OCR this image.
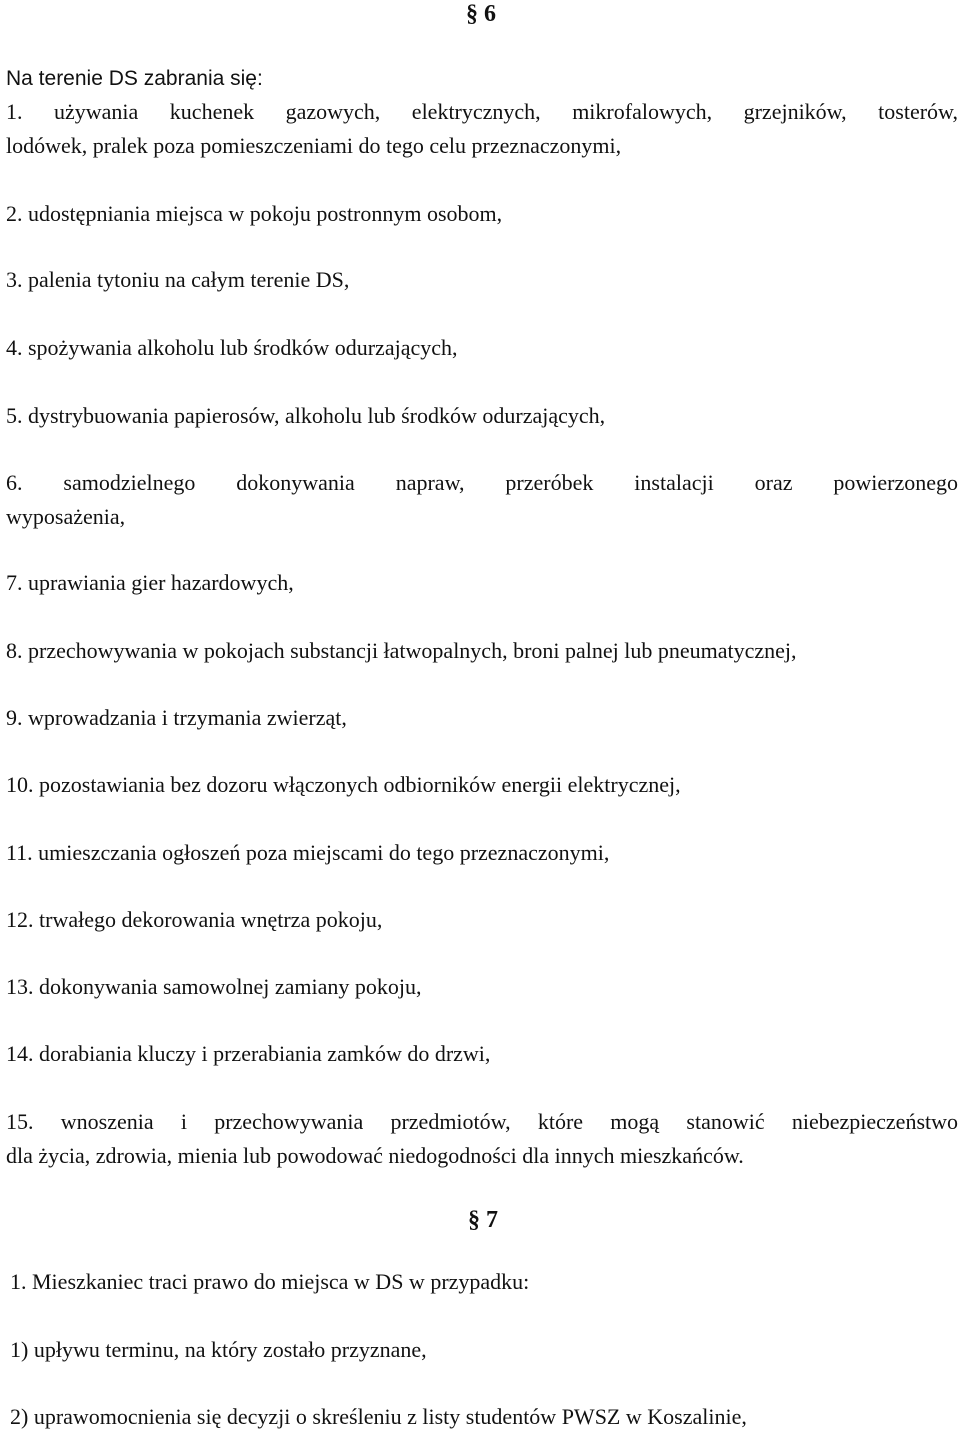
§ 6
Na terenie DS zabrania się:
1. używania kuchenek gazowych, elektrycznych, mikrofalowych, grzejników, tosterów,
lodówek, pralek poza pomieszczeniami do tego celu przeznaczonymi,
2. udostępniania miejsca w pokoju postronnym osobom,
3. palenia tytoniu na całym terenie DS,
4. spożywania alkoholu lub środków odurzających,
5. dystrybuowania papierosów, alkoholu lub środków odurzających,
6. samodzielnego dokonywania napraw, przeróbek instalacji oraz powierzonego
wyposażenia,
7. uprawiania gier hazardowych,
8. przechowywania w pokojach substancji łatwopalnych, broni palnej lub pneumatycznej,
9. wprowadzania i trzymania zwierząt,
10. pozostawiania bez dozoru włączonych odbiorników energii elektrycznej,
11. umieszczania ogłoszeń poza miejscami do tego przeznaczonymi,
12. trwałego dekorowania wnętrza pokoju,
13. dokonywania samowolnej zamiany pokoju,
14. dorabiania kluczy i przerabiania zamków do drzwi,
15. wnoszenia i przechowywania przedmiotów, które mogą stanowić niebezpieczeństwo
dla życia, zdrowia, mienia lub powodować niedogodności dla innych mieszkańców.
§ 7
1. Mieszkaniec traci prawo do miejsca w DS w przypadku:
1) upływu terminu, na który zostało przyznane,
2) uprawomocnienia się decyzji o skreśleniu z listy studentów PWSZ w Koszalinie,
